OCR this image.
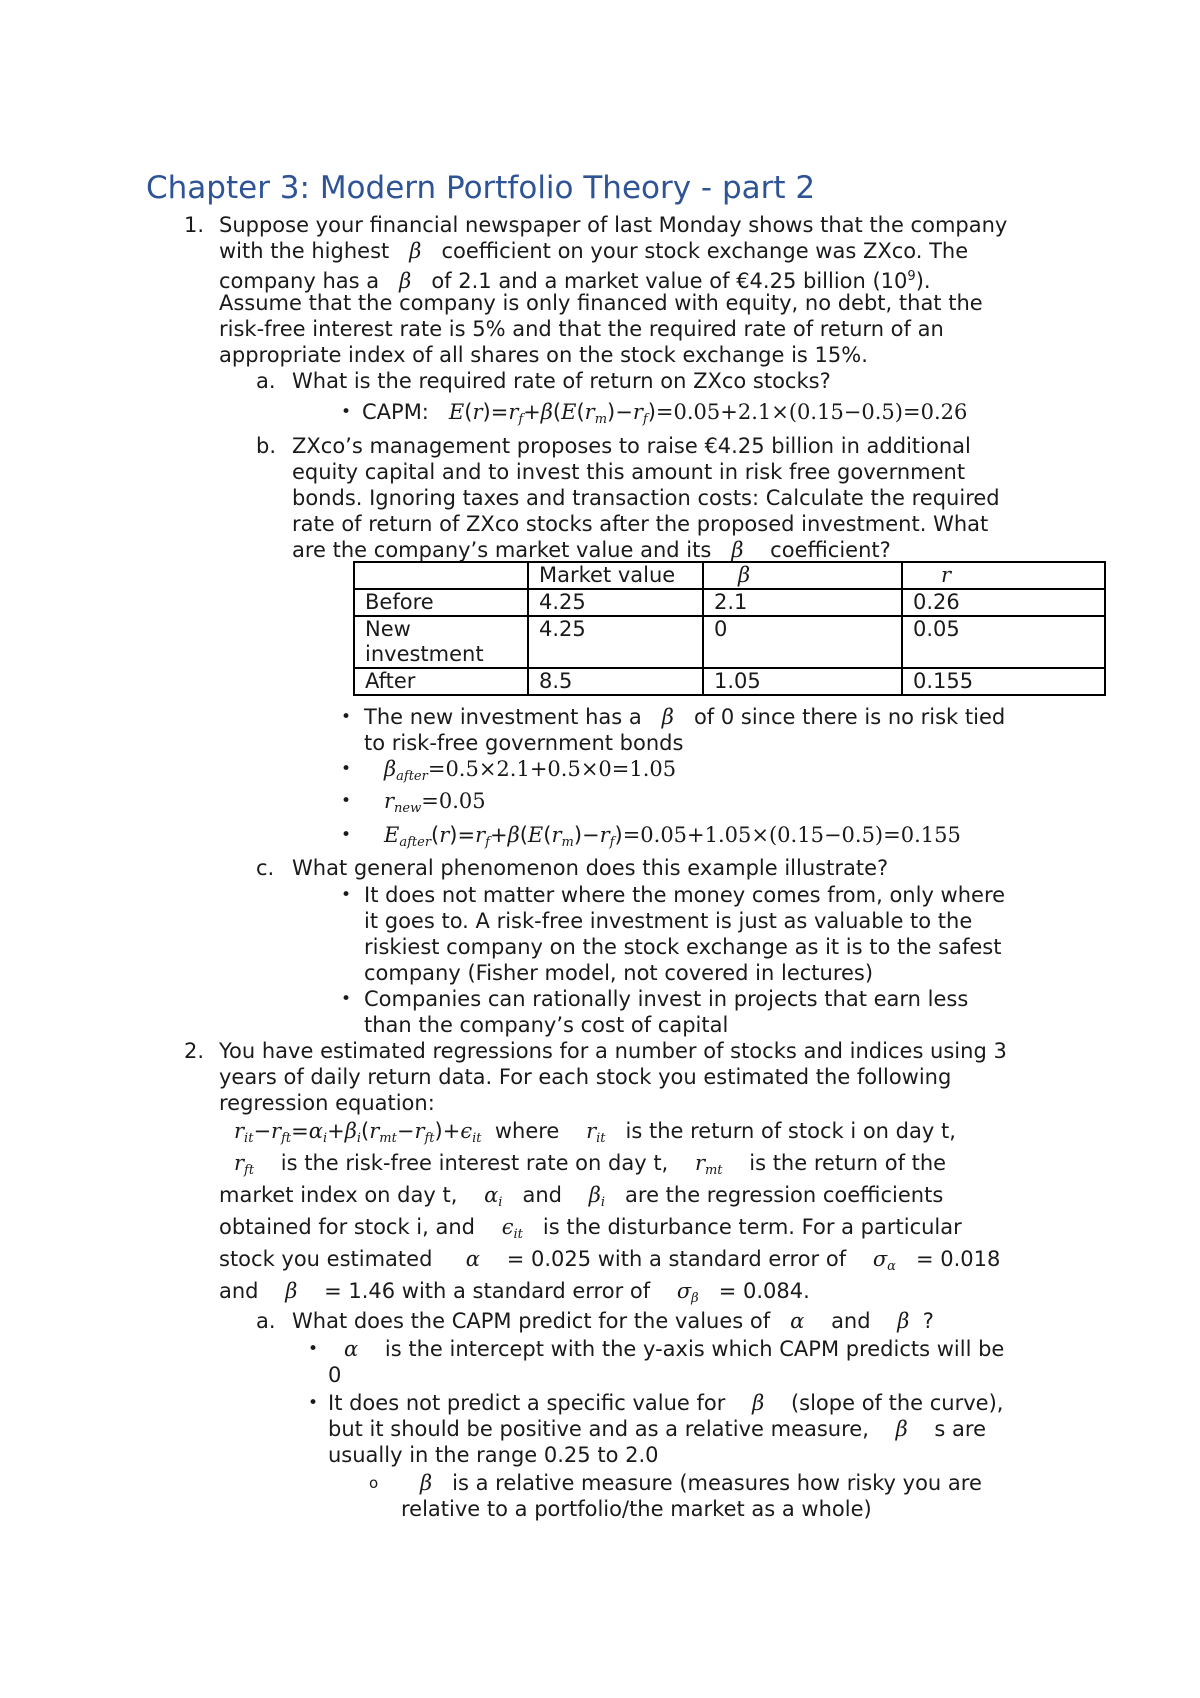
Chapter 3: Modern Portfolio Theory - part 2
1. Suppose your financial newspaper of last Monday shows that the company
with the highest β coefficient on your stock exchange was ZXco. The
company has a β of 2.1 and a market value of €4.25 billion $(10^9)$.
Assume that the company is only financed with equity, no debt, that the
risk-free interest rate is 5% and that the required rate of return of an
appropriate index of all shares on the stock exchange is 15%.
a. What is the required rate of return on ZXco stocks?
• CAPM: $E(r)=r_f+\beta(E(r_m)-r_f)=0.05+2.1\times(0.15-0.5)=0.26$
b. ZXco’s management proposes to raise €4.25 billion in additional
equity capital and to invest this amount in risk free government
bonds. Ignoring taxes and transaction costs: Calculate the required
rate of return of ZXco stocks after the proposed investment. What
are the company’s market value and its β coefficient?
	Market value	β	r
Before	4.25	2.1	0.26
New investment	4.25	0	0.05
After	8.5	1.05	0.155
• The new investment has a β of 0 since there is no risk tied
to risk-free government bonds
• $\beta_{after}=0.5\times 2.1+0.5\times 0=1.05$
• $r_{new}=0.05$
• $E_{after}(r)=r_f+\beta(E(r_m)-r_f)=0.05+1.05\times(0.15-0.5)=0.155$
c. What general phenomenon does this example illustrate?
• It does not matter where the money comes from, only where
it goes to. A risk-free investment is just as valuable to the
riskiest company on the stock exchange as it is to the safest
company (Fisher model, not covered in lectures)
• Companies can rationally invest in projects that earn less
than the company’s cost of capital
2. You have estimated regressions for a number of stocks and indices using 3
years of daily return data. For each stock you estimated the following
regression equation:
$r_{it}-r_{ft}=\alpha_i+\beta_i(r_{mt}-r_{ft})+\epsilon_{it}$ where $r_{it}$ is the return of stock i on day t,
$r_{ft}$ is the risk-free interest rate on day t, $r_{mt}$ is the return of the
market index on day t, $\alpha_i$ and $\beta_i$ are the regression coefficients
obtained for stock i, and $\epsilon_{it}$ is the disturbance term. For a particular
stock you estimated α = 0.025 with a standard error of $\sigma_\alpha = 0.018$
and β = 1.46 with a standard error of $\sigma_\beta = 0.084$.
a. What does the CAPM predict for the values of α and β ?
• α is the intercept with the y-axis which CAPM predicts will be
0
• It does not predict a specific value for β (slope of the curve),
but it should be positive and as a relative measure, β s are
usually in the range 0.25 to 2.0
o β is a relative measure (measures how risky you are
relative to a portfolio/the market as a whole)
